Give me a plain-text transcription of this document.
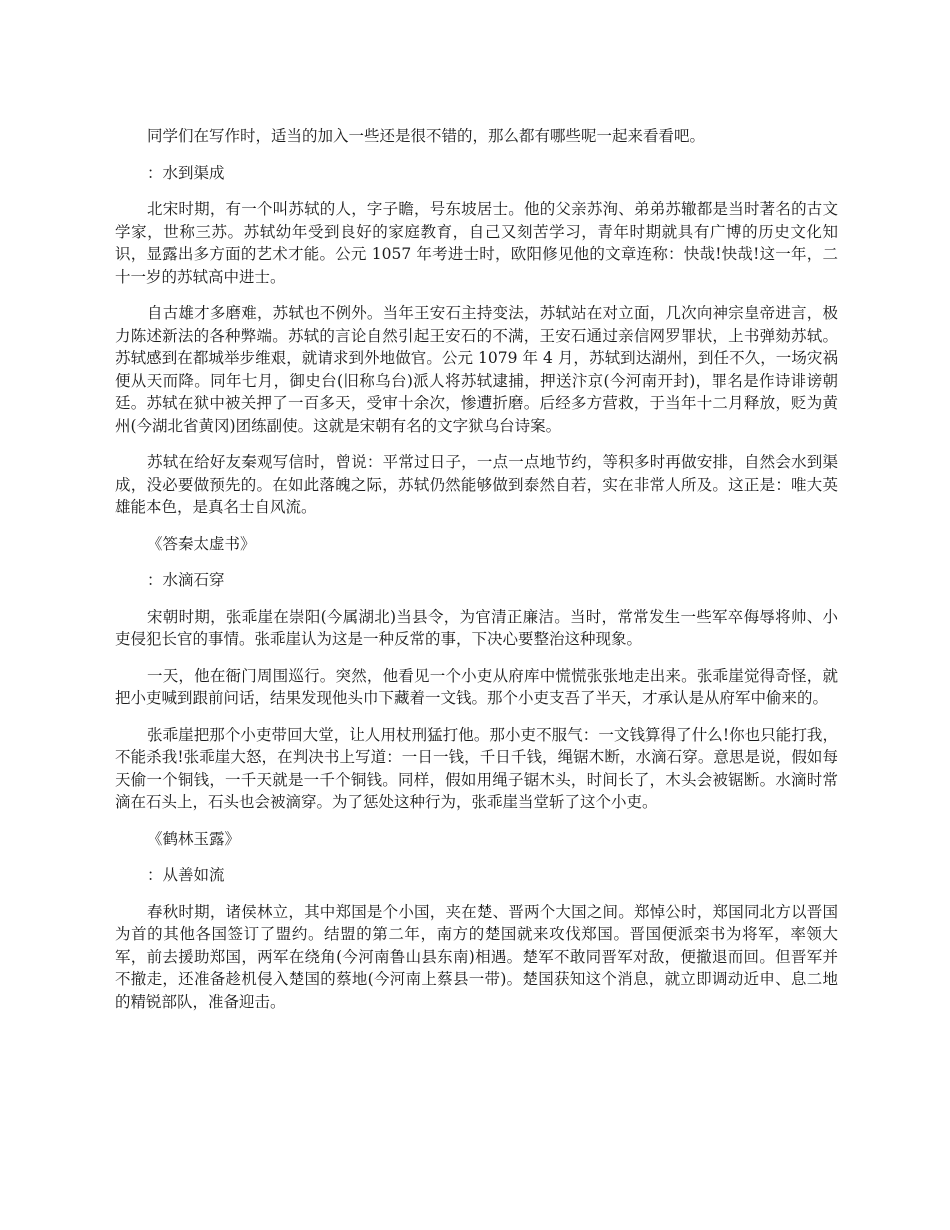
同学们在写作时，适当的加入一些还是很不错的，那么都有哪些呢一起来看看吧。

：水到渠成

北宋时期，有一个叫苏轼的人，字子瞻，号东坡居士。他的父亲苏洵、弟弟苏辙都是当时著名的古文学家，世称三苏。苏轼幼年受到良好的家庭教育，自己又刻苦学习，青年时期就具有广博的历史文化知识，显露出多方面的艺术才能。公元 1057 年考进士时，欧阳修见他的文章连称：快哉!快哉!这一年，二十一岁的苏轼高中进士。

自古雄才多磨难，苏轼也不例外。当年王安石主持变法，苏轼站在对立面，几次向神宗皇帝进言，极力陈述新法的各种弊端。苏轼的言论自然引起王安石的不满，王安石通过亲信网罗罪状，上书弹劾苏轼。苏轼感到在都城举步维艰，就请求到外地做官。公元 1079 年 4 月，苏轼到达湖州，到任不久，一场灾祸便从天而降。同年七月，御史台(旧称乌台)派人将苏轼逮捕，押送汴京(今河南开封)，罪名是作诗诽谤朝廷。苏轼在狱中被关押了一百多天，受审十余次，惨遭折磨。后经多方营救，于当年十二月释放，贬为黄州(今湖北省黄冈)团练副使。这就是宋朝有名的文字狱乌台诗案。

苏轼在给好友秦观写信时，曾说：平常过日子，一点一点地节约，等积多时再做安排，自然会水到渠成，没必要做预先的。在如此落魄之际，苏轼仍然能够做到泰然自若，实在非常人所及。这正是：唯大英雄能本色，是真名士自风流。

《答秦太虚书》

：水滴石穿

宋朝时期，张乖崖在崇阳(今属湖北)当县令，为官清正廉洁。当时，常常发生一些军卒侮辱将帅、小吏侵犯长官的事情。张乖崖认为这是一种反常的事，下决心要整治这种现象。

一天，他在衙门周围巡行。突然，他看见一个小吏从府库中慌慌张张地走出来。张乖崖觉得奇怪，就把小吏喊到跟前问话，结果发现他头巾下藏着一文钱。那个小吏支吾了半天，才承认是从府军中偷来的。

张乖崖把那个小吏带回大堂，让人用杖刑猛打他。那小吏不服气：一文钱算得了什么!你也只能打我，不能杀我!张乖崖大怒，在判决书上写道：一日一钱，千日千钱，绳锯木断，水滴石穿。意思是说，假如每天偷一个铜钱，一千天就是一千个铜钱。同样，假如用绳子锯木头，时间长了，木头会被锯断。水滴时常滴在石头上，石头也会被滴穿。为了惩处这种行为，张乖崖当堂斩了这个小吏。

《鹤林玉露》

：从善如流

春秋时期，诸侯林立，其中郑国是个小国，夹在楚、晋两个大国之间。郑悼公时，郑国同北方以晋国为首的其他各国签订了盟约。结盟的第二年，南方的楚国就来攻伐郑国。晋国便派栾书为将军，率领大军，前去援助郑国，两军在绕角(今河南鲁山县东南)相遇。楚军不敢同晋军对敌，便撤退而回。但晋军并不撤走，还准备趁机侵入楚国的蔡地(今河南上蔡县一带)。楚国获知这个消息，就立即调动近申、息二地的精锐部队，准备迎击。
